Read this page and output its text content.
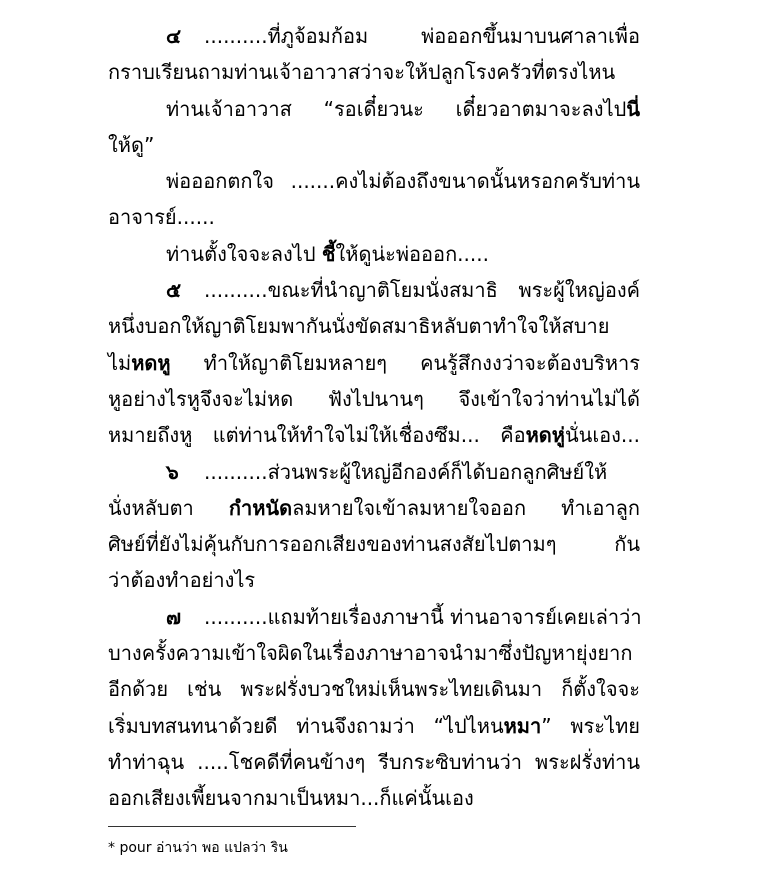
๔ ..........ที่ภูจ้อมก้อม พ่อออกขึ้นมาบนศาลาเพื่อ
กราบเรียนถามท่านเจ้าอาวาสว่าจะให้ปลูกโรงครัวที่ตรงไหน
ท่านเจ้าอาวาส “รอเดี๋ยวนะ เดี๋ยวอาตมาจะลงไปนี่
ให้ดู”
พ่อออกตกใจ .......คงไม่ต้องถึงขนาดนั้นหรอกครับท่าน
อาจารย์......
ท่านตั้งใจจะลงไป ชี้ให้ดูน่ะพ่อออก.....
๕ ..........ขณะที่นำญาติโยมนั่งสมาธิ พระผู้ใหญ่องค์
หนึ่งบอกให้ญาติโยมพากันนั่งขัดสมาธิหลับตาทำใจให้สบาย
ไม่หดหู ทำให้ญาติโยมหลายๆ คนรู้สึกงงว่าจะต้องบริหาร
หูอย่างไรหูจึงจะไม่หด ฟังไปนานๆ จึงเข้าใจว่าท่านไม่ได้
หมายถึงหู แต่ท่านให้ทำใจไม่ให้เชื่องซึม... คือหดหู่นั่นเอง...
๖ ..........ส่วนพระผู้ใหญ่อีกองค์ก็ได้บอกลูกศิษย์ให้
นั่งหลับตา กำหนัดลมหายใจเข้าลมหายใจออก ทำเอาลูก
ศิษย์ที่ยังไม่คุ้นกับการออกเสียงของท่านสงสัยไปตามๆ กัน
ว่าต้องทำอย่างไร
๗ ..........แถมท้ายเรื่องภาษานี้ ท่านอาจารย์เคยเล่าว่า
บางครั้งความเข้าใจผิดในเรื่องภาษาอาจนำมาซึ่งปัญหายุ่งยาก
อีกด้วย เช่น พระฝรั่งบวชใหม่เห็นพระไทยเดินมา ก็ตั้งใจจะ
เริ่มบทสนทนาด้วยดี ท่านจึงถามว่า “ไปไหนหมา” พระไทย
ทำท่าฉุน .....โชคดีที่คนข้างๆ รีบกระซิบท่านว่า พระฝรั่งท่าน
ออกเสียงเพี้ยนจากมาเป็นหมา...ก็แค่นั้นเอง
* pour อ่านว่า พอ แปลว่า ริน
